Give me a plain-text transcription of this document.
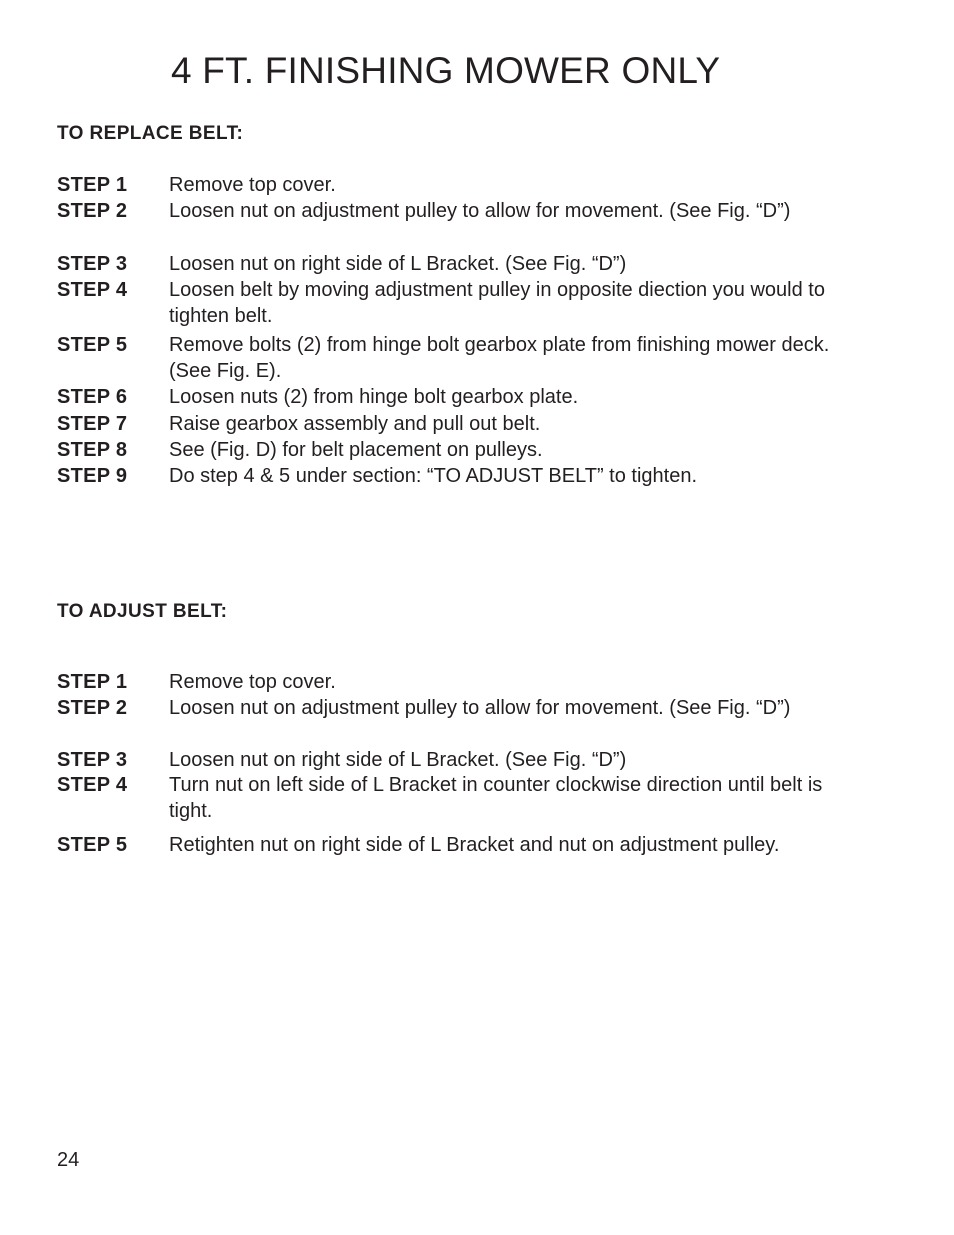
4 FT. FINISHING MOWER ONLY
TO REPLACE BELT:
STEP 1 Remove top cover.
STEP 2 Loosen nut on adjustment pulley to allow for movement. (See Fig. “D”)
STEP 3 Loosen nut on right side of L Bracket. (See Fig. “D”)
STEP 4 Loosen belt by moving adjustment pulley in opposite diection you would to tighten belt.
STEP 5 Remove bolts (2) from hinge bolt gearbox plate from finishing mower deck. (See Fig. E).
STEP 6 Loosen nuts (2) from hinge bolt gearbox plate.
STEP 7 Raise gearbox assembly and pull out belt.
STEP 8 See (Fig. D) for belt placement on pulleys.
STEP 9 Do step 4 & 5 under section: “TO ADJUST BELT” to tighten.
TO ADJUST BELT:
STEP 1 Remove top cover.
STEP 2 Loosen nut on adjustment pulley to allow for movement. (See Fig. “D”)
STEP 3 Loosen nut on right side of L Bracket. (See Fig. “D”)
STEP 4 Turn nut on left side of L Bracket in counter clockwise direction until belt is tight.
STEP 5 Retighten nut on right side of L Bracket and nut on adjustment pulley.
24
